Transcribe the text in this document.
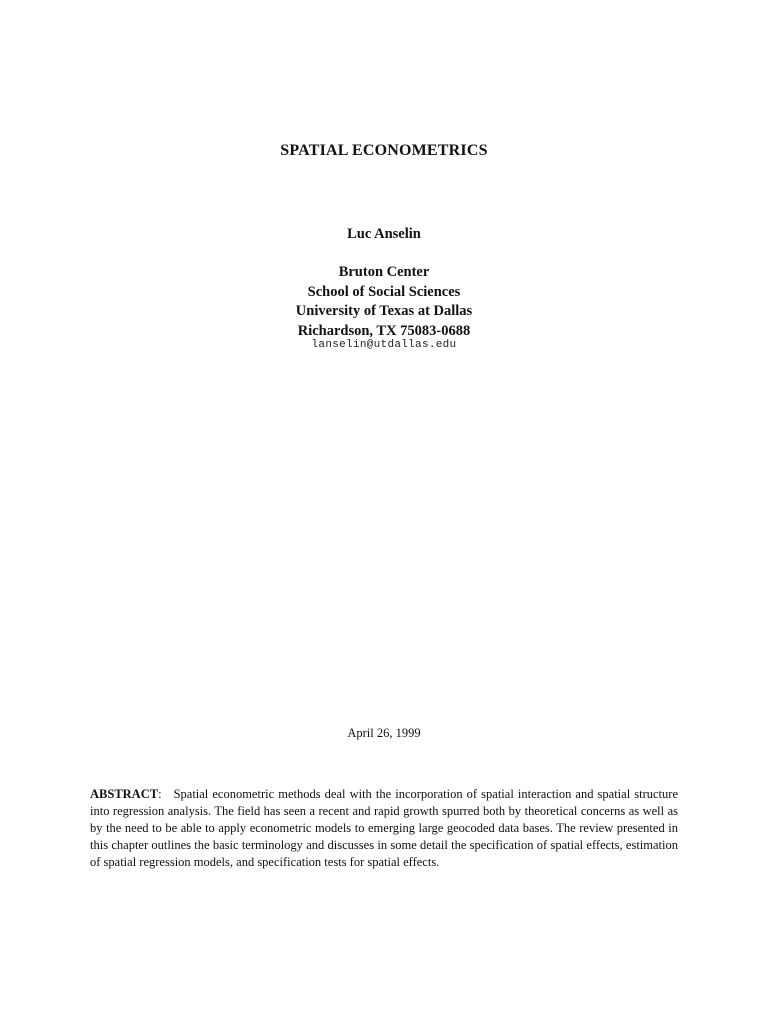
SPATIAL ECONOMETRICS
Luc Anselin
Bruton Center
School of Social Sciences
University of Texas at Dallas
Richardson, TX 75083-0688
lanselin@utdallas.edu
April 26, 1999
ABSTRACT: Spatial econometric methods deal with the incorporation of spatial interaction and spatial structure into regression analysis. The field has seen a recent and rapid growth spurred both by theoretical concerns as well as by the need to be able to apply econometric models to emerging large geocoded data bases. The review presented in this chapter outlines the basic terminology and discusses in some detail the specification of spatial effects, estimation of spatial regression models, and specification tests for spatial effects.
